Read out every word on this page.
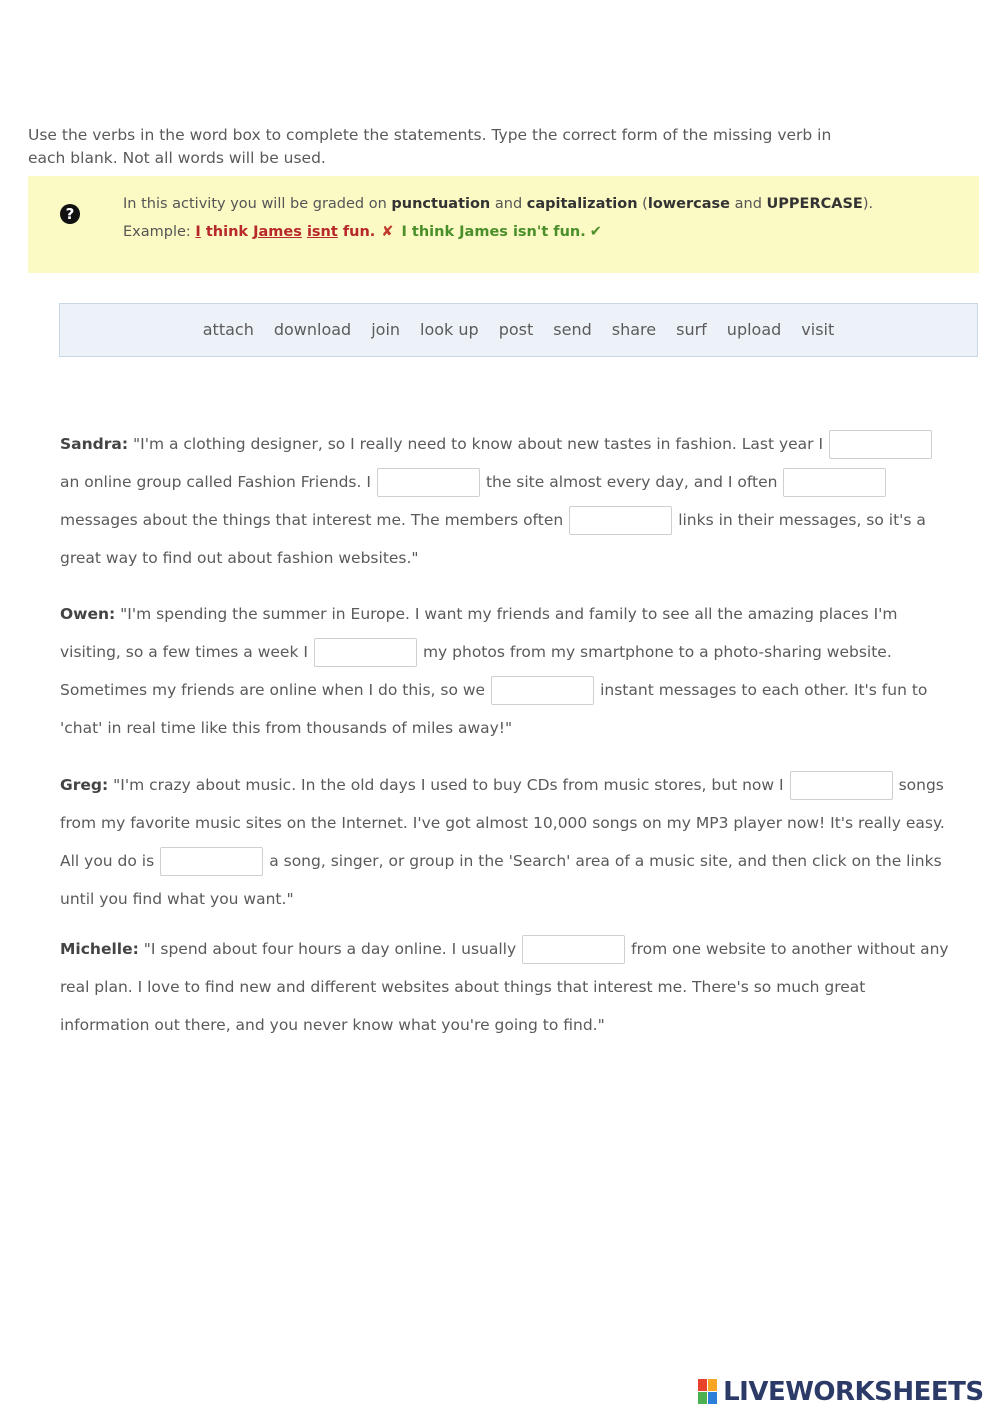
Use the verbs in the word box to complete the statements. Type the correct form of the missing verb in each blank. Not all words will be used.
?
In this activity you will be graded on punctuation and capitalization (lowercase and UPPERCASE).
Example: I think James isnt fun. ✘ I think James isn't fun. ✔
attach download join look up post send share surf upload visit
Sandra: "I'm a clothing designer, so I really need to know about new tastes in fashion. Last year Ian online group called Fashion Friends. I	the site almost every day, and I oftenmessages about the things that interest me. The members often	links in their messages, so it's a great way to find out about fashion websites."
Owen: "I'm spending the summer in Europe. I want my friends and family to see all the amazing places I'm visiting, so a few times a week I	my photos from my smartphone to a photo-sharing website. Sometimes my friends are online when I do this, so we	instant messages to each other. It's fun to 'chat' in real time like this from thousands of miles away!"
Greg: "I'm crazy about music. In the old days I used to buy CDs from music stores, but now I	songs from my favorite music sites on the Internet. I've got almost 10,000 songs on my MP3 player now! It's really easy. All you do is	a song, singer, or group in the 'Search' area of a music site, and then click on the links until you find what you want."
Michelle: "I spend about four hours a day online. I usually	from one website to another without any real plan. I love to find new and different websites about things that interest me. There's so much great information out there, and you never know what you're going to find."
LIVEWORKSHEETS
